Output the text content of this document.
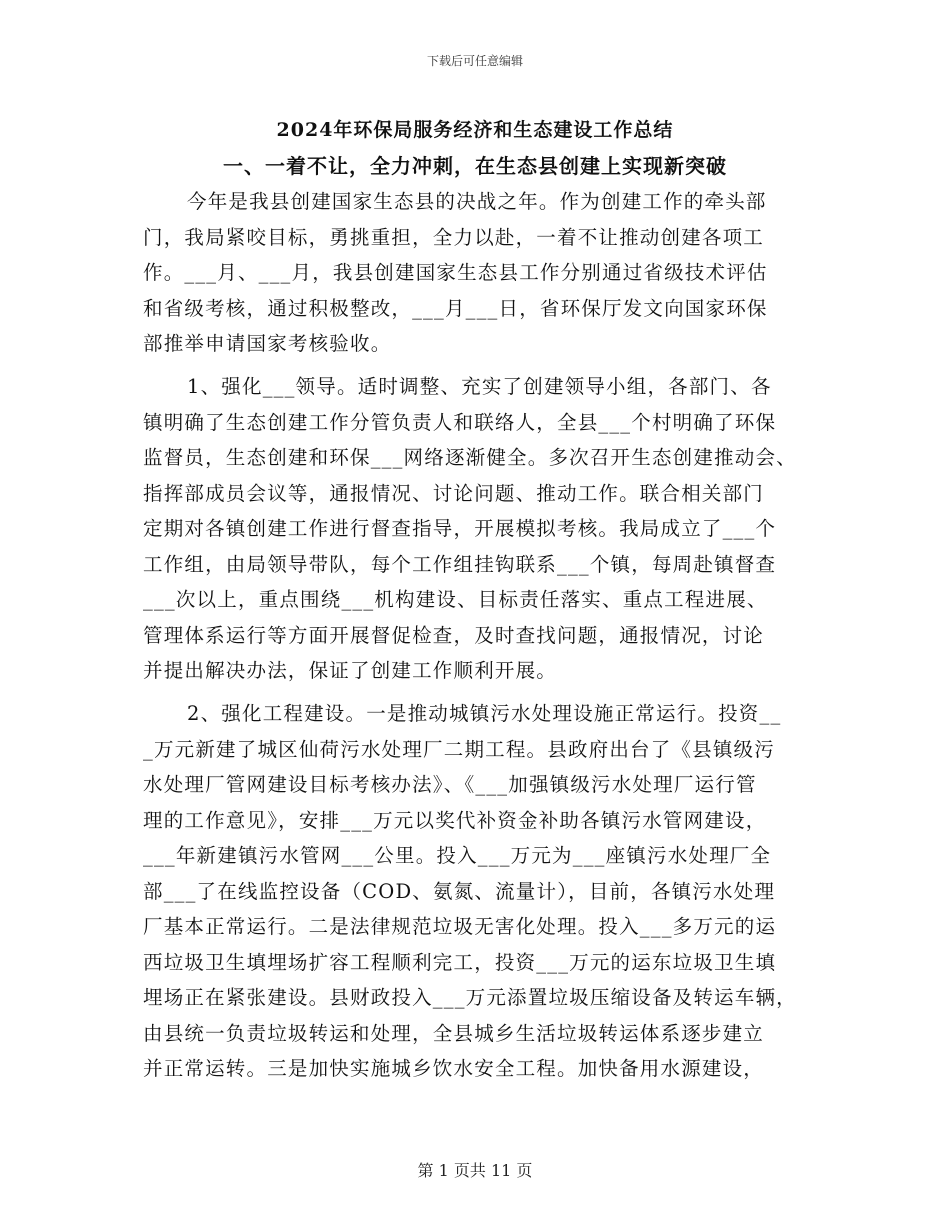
下载后可任意编辑
2024年环保局服务经济和生态建设工作总结
一、一着不让，全力冲刺，在生态县创建上实现新突破
今年是我县创建国家生态县的决战之年。作为创建工作的牵头部
门，我局紧咬目标，勇挑重担，全力以赴，一着不让推动创建各项工
作。___月、___月，我县创建国家生态县工作分别通过省级技术评估
和省级考核，通过积极整改，___月___日，省环保厅发文向国家环保
部推举申请国家考核验收。
1、强化___领导。适时调整、充实了创建领导小组，各部门、各
镇明确了生态创建工作分管负责人和联络人，全县___个村明确了环保
监督员，生态创建和环保___网络逐渐健全。多次召开生态创建推动会、
指挥部成员会议等，通报情况、讨论问题、推动工作。联合相关部门
定期对各镇创建工作进行督查指导，开展模拟考核。我局成立了___个
工作组，由局领导带队，每个工作组挂钩联系___个镇，每周赴镇督查
___次以上，重点围绕___机构建设、目标责任落实、重点工程进展、
管理体系运行等方面开展督促检查，及时查找问题，通报情况，讨论
并提出解决办法，保证了创建工作顺利开展。
2、强化工程建设。一是推动城镇污水处理设施正常运行。投资__
_万元新建了城区仙荷污水处理厂二期工程。县政府出台了《县镇级污
水处理厂管网建设目标考核办法》、《___加强镇级污水处理厂运行管
理的工作意见》，安排___万元以奖代补资金补助各镇污水管网建设，
___年新建镇污水管网___公里。投入___万元为___座镇污水处理厂全
部___了在线监控设备（COD、氨氮、流量计），目前，各镇污水处理
厂基本正常运行。二是法律规范垃圾无害化处理。投入___多万元的运
西垃圾卫生填埋场扩容工程顺利完工，投资___万元的运东垃圾卫生填
埋场正在紧张建设。县财政投入___万元添置垃圾压缩设备及转运车辆，
由县统一负责垃圾转运和处理，全县城乡生活垃圾转运体系逐步建立
并正常运转。三是加快实施城乡饮水安全工程。加快备用水源建设，
第 1 页共 11 页
